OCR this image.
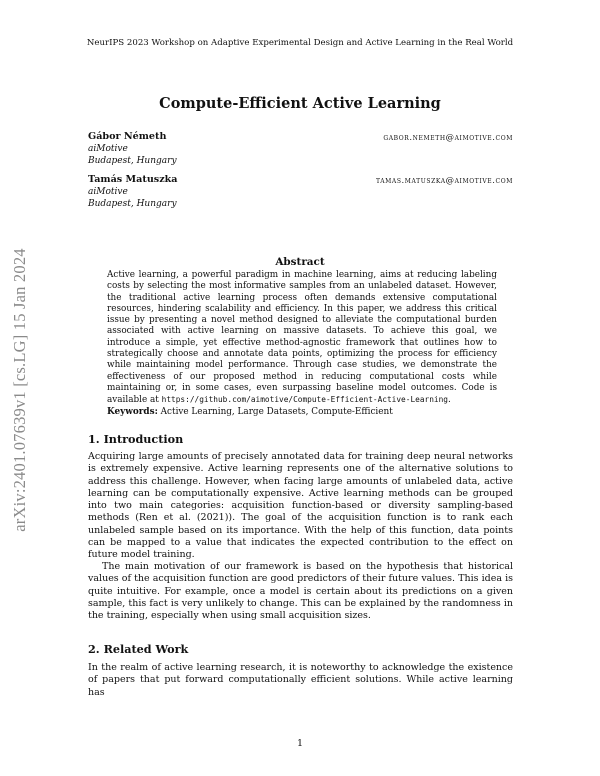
NeurIPS 2023 Workshop on Adaptive Experimental Design and Active Learning in the Real World
arXiv:2401.07639v1 [cs.LG] 15 Jan 2024
Compute-Efficient Active Learning
Gábor Németh	gabor.nemeth@aimotive.com
aiMotive
Budapest, Hungary
Tamás Matuszka	tamas.matuszka@aimotive.com
aiMotive
Budapest, Hungary
Abstract
Active learning, a powerful paradigm in machine learning, aims at reducing labeling costs by selecting the most informative samples from an unlabeled dataset. However, the traditional active learning process often demands extensive computational resources, hindering scalability and efficiency. In this paper, we address this critical issue by presenting a novel method designed to alleviate the computational burden associated with active learning on massive datasets. To achieve this goal, we introduce a simple, yet effective method-agnostic framework that outlines how to strategically choose and annotate data points, optimizing the process for efficiency while maintaining model performance. Through case studies, we demonstrate the effectiveness of our proposed method in reducing computational costs while maintaining or, in some cases, even surpassing baseline model outcomes. Code is available at https://github.com/aimotive/Compute-Efficient-Active-Learning.
Keywords: Active Learning, Large Datasets, Compute-Efficient
1. Introduction
Acquiring large amounts of precisely annotated data for training deep neural networks is extremely expensive. Active learning represents one of the alternative solutions to address this challenge. However, when facing large amounts of unlabeled data, active learning can be computationally expensive. Active learning methods can be grouped into two main categories: acquisition function-based or diversity sampling-based methods (Ren et al. (2021)). The goal of the acquisition function is to rank each unlabeled sample based on its importance. With the help of this function, data points can be mapped to a value that indicates the expected contribution to the effect on future model training.
The main motivation of our framework is based on the hypothesis that historical values of the acquisition function are good predictors of their future values. This idea is quite intuitive. For example, once a model is certain about its predictions on a given sample, this fact is very unlikely to change. This can be explained by the randomness in the training, especially when using small acquisition sizes.
2. Related Work
In the realm of active learning research, it is noteworthy to acknowledge the existence of papers that put forward computationally efficient solutions. While active learning has
1
